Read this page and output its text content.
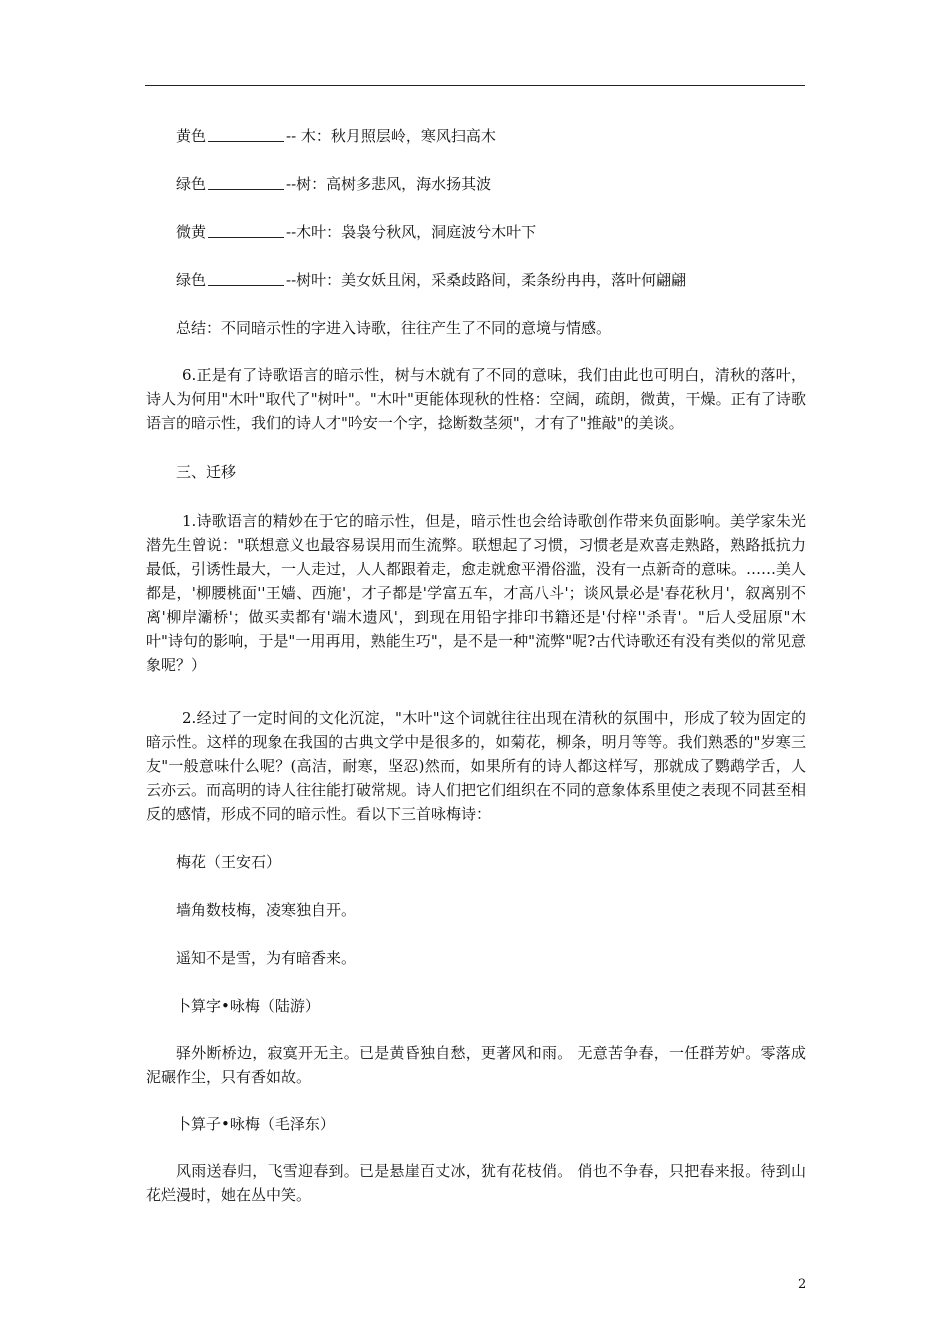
黄色	-- 木：秋月照层岭，寒风扫高木
绿色	--树：高树多悲风，海水扬其波
微黄	--木叶：袅袅兮秋风，洞庭波兮木叶下
绿色	--树叶：美女妖且闲，采桑歧路间，柔条纷冉冉，落叶何翩翩
总结：不同暗示性的字进入诗歌，往往产生了不同的意境与情感。

6.正是有了诗歌语言的暗示性，树与木就有了不同的意味，我们由此也可明白，清秋的落叶，诗人为何用"木叶"取代了"树叶"。"木叶"更能体现秋的性格：空阔，疏朗，微黄，干燥。正有了诗歌语言的暗示性，我们的诗人才"吟安一个字，捻断数茎须"，才有了"推敲"的美谈。

三、迁移

1.诗歌语言的精妙在于它的暗示性，但是，暗示性也会给诗歌创作带来负面影响。美学家朱光潜先生曾说："联想意义也最容易误用而生流弊。联想起了习惯，习惯老是欢喜走熟路，熟路抵抗力最低，引诱性最大，一人走过，人人都跟着走，愈走就愈平滑俗滥，没有一点新奇的意味。……美人都是，'柳腰桃面''王嫱、西施'，才子都是'学富五车，才高八斗'；谈风景必是'春花秋月'，叙离别不离'柳岸灞桥'；做买卖都有'端木遗风'，到现在用铅字排印书籍还是'付梓''杀青'。"后人受屈原"木叶"诗句的影响，于是"一用再用，熟能生巧"，是不是一种"流弊"呢?古代诗歌还有没有类似的常见意象呢？）

2.经过了一定时间的文化沉淀，"木叶"这个词就往往出现在清秋的氛围中，形成了较为固定的暗示性。这样的现象在我国的古典文学中是很多的，如菊花，柳条，明月等等。我们熟悉的"岁寒三友"一般意味什么呢？(高洁，耐寒，坚忍)然而，如果所有的诗人都这样写，那就成了鹦鹉学舌，人云亦云。而高明的诗人往往能打破常规。诗人们把它们组织在不同的意象体系里使之表现不同甚至相反的感情，形成不同的暗示性。看以下三首咏梅诗：

梅花（王安石）
墙角数枝梅，凌寒独自开。
遥知不是雪，为有暗香来。
卜算字•咏梅（陆游）

驿外断桥边，寂寞开无主。已是黄昏独自愁，更著风和雨。 无意苦争春，一任群芳妒。零落成泥碾作尘，只有香如故。

卜算子•咏梅（毛泽东）

风雨送春归，飞雪迎春到。已是悬崖百丈冰，犹有花枝俏。 俏也不争春，只把春来报。待到山花烂漫时，她在丛中笑。

2
